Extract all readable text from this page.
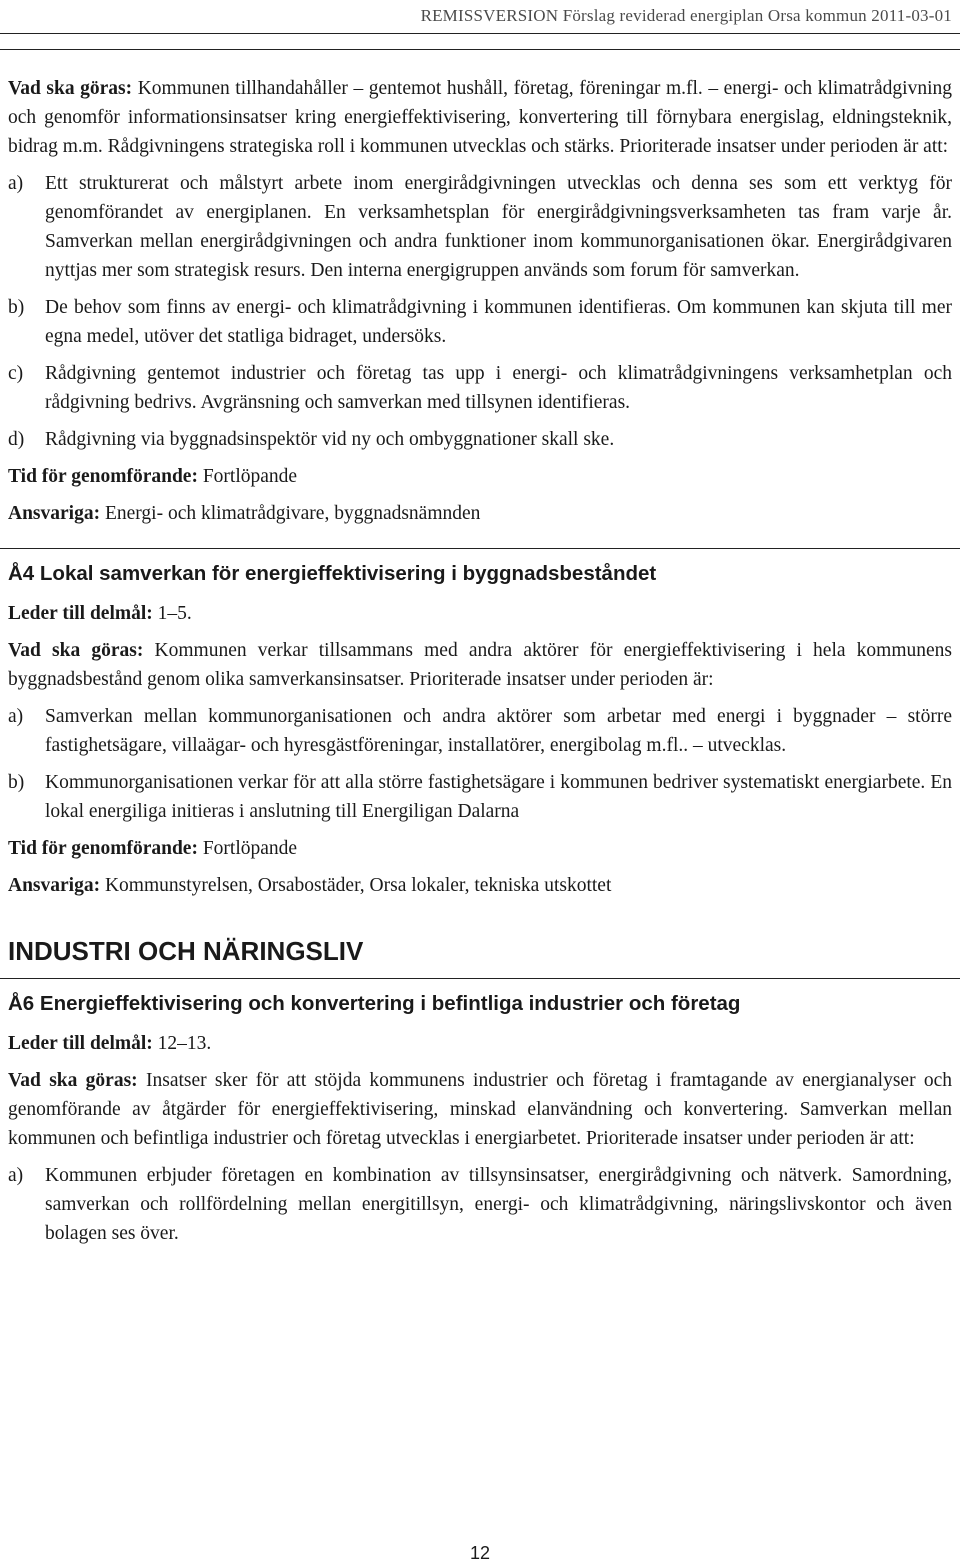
REMISSVERSION Förslag reviderad energiplan Orsa kommun 2011-03-01

Vad ska göras: Kommunen tillhandahåller – gentemot hushåll, företag, föreningar m.fl. – energi- och klimatrådgivning och genomför informationsinsatser kring energieffektivisering, konvertering till förnybara energislag, eldningsteknik, bidrag m.m. Rådgivningens strategiska roll i kommunen utvecklas och stärks. Prioriterade insatser under perioden är att:

a) Ett strukturerat och målstyrt arbete inom energirådgivningen utvecklas och denna ses som ett verktyg för genomförandet av energiplanen. En verksamhetsplan för energirådgivningsverksamheten tas fram varje år. Samverkan mellan energirådgivningen och andra funktioner inom kommunorganisationen ökar. Energirådgivaren nyttjas mer som strategisk resurs. Den interna energigruppen används som forum för samverkan.
b) De behov som finns av energi- och klimatrådgivning i kommunen identifieras. Om kommunen kan skjuta till mer egna medel, utöver det statliga bidraget, undersöks.
c) Rådgivning gentemot industrier och företag tas upp i energi- och klimatrådgivningens verksamhetplan och rådgivning bedrivs. Avgränsning och samverkan med tillsynen identifieras.
d) Rådgivning via byggnadsinspektör vid ny och ombyggnationer skall ske.

Tid för genomförande: Fortlöpande

Ansvariga: Energi- och klimatrådgivare, byggnadsnämnden

Å4 Lokal samverkan för energieffektivisering i byggnadsbeståndet

Leder till delmål: 1–5.

Vad ska göras: Kommunen verkar tillsammans med andra aktörer för energieffektivisering i hela kommunens byggnadsbestånd genom olika samverkansinsatser. Prioriterade insatser under perioden är:

a) Samverkan mellan kommunorganisationen och andra aktörer som arbetar med energi i byggnader – större fastighetsägare, villaägar- och hyresgästföreningar, installatörer, energibolag m.fl.. – utvecklas.
b) Kommunorganisationen verkar för att alla större fastighetsägare i kommunen bedriver systematiskt energiarbete. En lokal energiliga initieras i anslutning till Energiligan Dalarna

Tid för genomförande: Fortlöpande

Ansvariga: Kommunstyrelsen, Orsabostäder, Orsa lokaler, tekniska utskottet

INDUSTRI OCH NÄRINGSLIV
Å6 Energieffektivisering och konvertering i befintliga industrier och företag

Leder till delmål: 12–13.

Vad ska göras: Insatser sker för att stöjda kommunens industrier och företag i framtagande av energianalyser och genomförande av åtgärder för energieffektivisering, minskad elanvändning och konvertering. Samverkan mellan kommunen och befintliga industrier och företag utvecklas i energiarbetet. Prioriterade insatser under perioden är att:

a) Kommunen erbjuder företagen en kombination av tillsynsinsatser, energirådgivning och nätverk. Samordning, samverkan och rollfördelning mellan energitillsyn, energi- och klimatrådgivning, näringslivskontor och även bolagen ses över.
12
